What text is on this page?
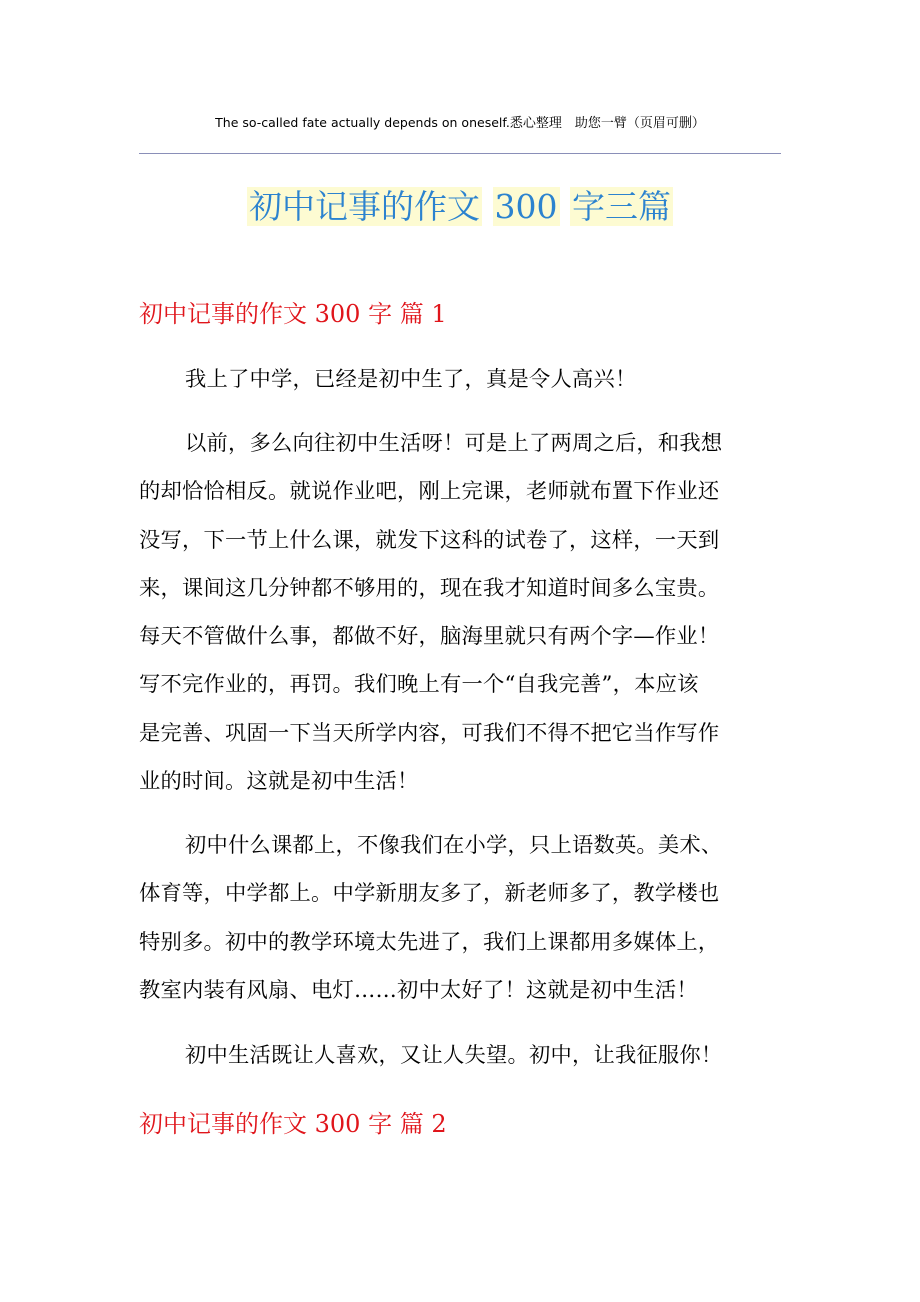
The so-called fate actually depends on oneself.悉心整理　助您一臂（页眉可删）
初中记事的作文 300 字三篇
初中记事的作文 300 字 篇 1
我上了中学，已经是初中生了，真是令人高兴！
以前，多么向往初中生活呀！可是上了两周之后，和我想
的却恰恰相反。就说作业吧，刚上完课，老师就布置下作业还
没写，下一节上什么课，就发下这科的试卷了，这样，一天到
来，课间这几分钟都不够用的，现在我才知道时间多么宝贵。
每天不管做什么事，都做不好，脑海里就只有两个字—作业！
写不完作业的，再罚。我们晚上有一个“自我完善”，本应该
是完善、巩固一下当天所学内容，可我们不得不把它当作写作
业的时间。这就是初中生活！
初中什么课都上，不像我们在小学，只上语数英。美术、
体育等，中学都上。中学新朋友多了，新老师多了，教学楼也
特别多。初中的教学环境太先进了，我们上课都用多媒体上，
教室内装有风扇、电灯……初中太好了！这就是初中生活！
初中生活既让人喜欢，又让人失望。初中，让我征服你！
初中记事的作文 300 字 篇 2
